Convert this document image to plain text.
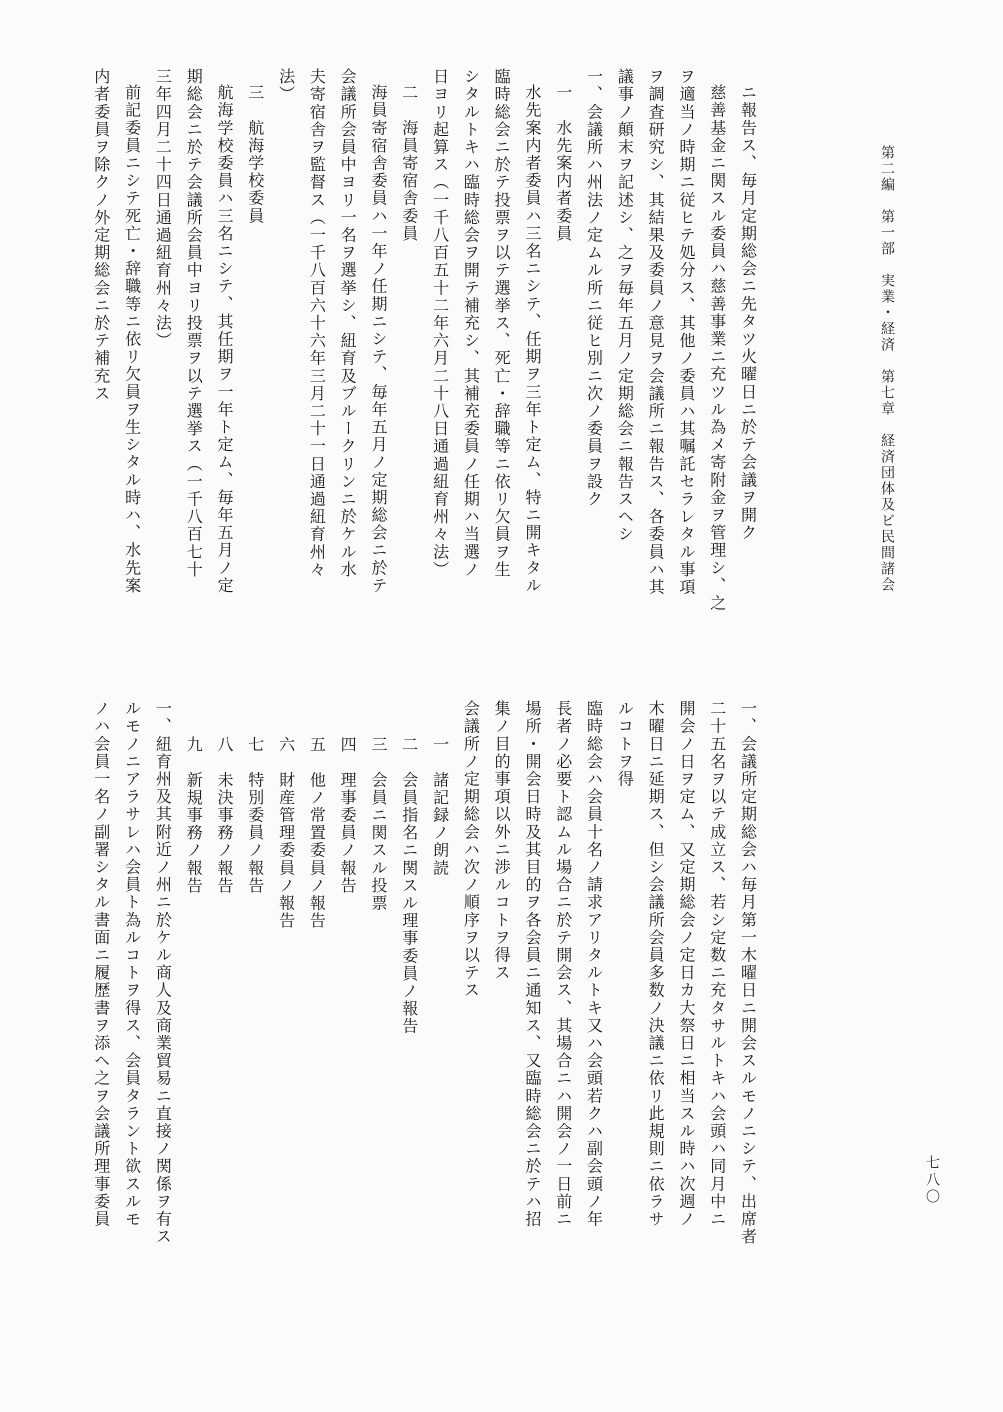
第二編　第一部　実業・経済　第七章　経済団体及ビ民間諸会
七八〇
ニ報告ス、毎月定期総会ニ先タツ火曜日ニ於テ会議ヲ開ク
慈善基金ニ関スル委員ハ慈善事業ニ充ツル為メ寄附金ヲ管理シ、之
ヲ適当ノ時期ニ従ヒテ処分ス、其他ノ委員ハ其嘱託セラレタル事項
ヲ調査研究シ、其結果及委員ノ意見ヲ会議所ニ報告ス、各委員ハ其
議事ノ顛末ヲ記述シ、之ヲ毎年五月ノ定期総会ニ報告スヘシ
一、会議所ハ州法ノ定ムル所ニ従ヒ別ニ次ノ委員ヲ設ク
一　水先案内者委員
水先案内者委員ハ三名ニシテ、任期ヲ三年ト定ム、特ニ開キタル
臨時総会ニ於テ投票ヲ以テ選挙ス、死亡・辞職等ニ依リ欠員ヲ生
シタルトキハ臨時総会ヲ開テ補充シ、其補充委員ノ任期ハ当選ノ
日ヨリ起算ス（一千八百五十二年六月二十八日通過紐育州々法）
二　海員寄宿舎委員
海員寄宿舎委員ハ一年ノ任期ニシテ、毎年五月ノ定期総会ニ於テ
会議所会員中ヨリ一名ヲ選挙シ、紐育及ブルークリンニ於ケル水
夫寄宿舎ヲ監督ス（一千八百六十六年三月二十一日通過紐育州々
法）
三　航海学校委員
航海学校委員ハ三名ニシテ、其任期ヲ一年ト定ム、毎年五月ノ定
期総会ニ於テ会議所会員中ヨリ投票ヲ以テ選挙ス（一千八百七十
三年四月二十四日通過紐育州々法）
前記委員ニシテ死亡・辞職等ニ依リ欠員ヲ生シタル時ハ、水先案
内者委員ヲ除クノ外定期総会ニ於テ補充ス
一、会議所定期総会ハ毎月第一木曜日ニ開会スルモノニシテ、出席者
二十五名ヲ以テ成立ス、若シ定数ニ充タサルトキハ会頭ハ同月中ニ
開会ノ日ヲ定ム、又定期総会ノ定日カ大祭日ニ相当スル時ハ次週ノ
木曜日ニ延期ス、但シ会議所会員多数ノ決議ニ依リ此規則ニ依ラサ
ルコトヲ得
臨時総会ハ会員十名ノ請求アリタルトキ又ハ会頭若クハ副会頭ノ年
長者ノ必要ト認ムル場合ニ於テ開会ス、其場合ニハ開会ノ一日前ニ
場所・開会日時及其目的ヲ各会員ニ通知ス、又臨時総会ニ於テハ招
集ノ目的事項以外ニ渉ルコトヲ得ス
会議所ノ定期総会ハ次ノ順序ヲ以テス
一　諸記録ノ朗読
二　会員指名ニ関スル理事委員ノ報告
三　会員ニ関スル投票
四　理事委員ノ報告
五　他ノ常置委員ノ報告
六　財産管理委員ノ報告
七　特別委員ノ報告
八　未決事務ノ報告
九　新規事務ノ報告
一、紐育州及其附近ノ州ニ於ケル商人及商業貿易ニ直接ノ関係ヲ有ス
ルモノニアラサレハ会員ト為ルコトヲ得ス、会員タラント欲スルモ
ノハ会員一名ノ副署シタル書面ニ履歴書ヲ添ヘ之ヲ会議所理事委員
